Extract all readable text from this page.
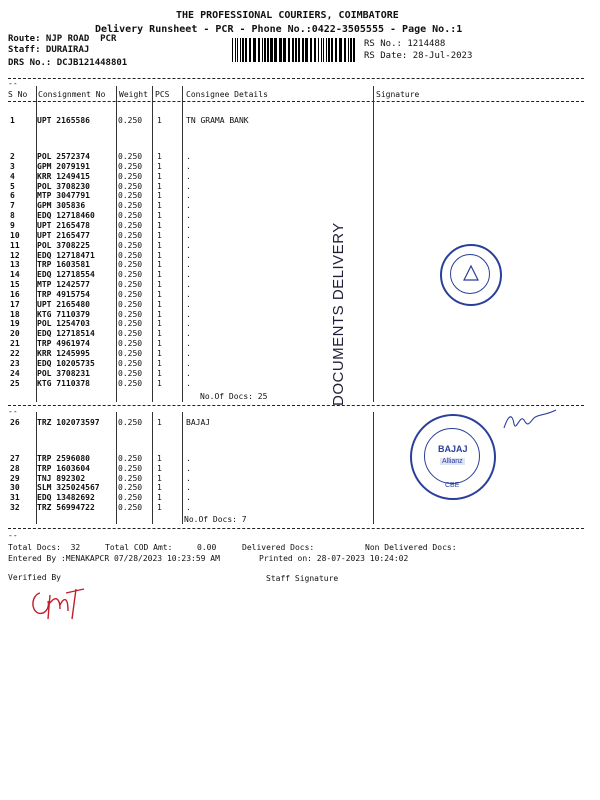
THE PROFESSIONAL COURIERS, COIMBATORE
Delivery Runsheet - PCR - Phone No.:0422-3505555 - Page No.:1
Route: NJP ROAD  PCR
Staff: DURAIRAJ
DRS No.: DCJB121448801
RS No.: 1214488
RS Date: 28-Jul-2023
--
S No Consignment No Weight PCS Consignee Details	Signature
1	UPT 2165586	0.250 1	TN GRAMA BANK
2	POL 2572374	0.250 1	.
3	GPM 2079191	0.250 1	.
4	KRR 1249415	0.250 1	.
5	POL 3708230	0.250 1	.
6	MTP 3047791	0.250 1	.
7	GPM 305836	0.250 1	.
8	EDQ 12718460	0.250 1	.
9	UPT 2165478	0.250 1	.
10 UPT 2165477	0.250 1	.
11 POL 3708225	0.250 1	.
12 EDQ 12718471	0.250 1	.
13 TRP 1603581	0.250 1	.
14 EDQ 12718554	0.250 1	.
15 MTP 1242577	0.250 1	.
16 TRP 4915754	0.250 1	.
17 UPT 2165480	0.250 1	.
18 KTG 7110379	0.250 1	.
19 POL 1254703	0.250 1	.
20 EDQ 12718514	0.250 1	.
21 TRP 4961974	0.250 1	.
22 KRR 1245995	0.250 1	.
23 EDQ 10205735	0.250 1	.
24 POL 3708231	0.250 1	.
25 KTG 7110378	0.250 1	.
No.Of Docs: 25
--
26 TRZ 102073597 0.250 1	BAJAJ
27 TRP 2596080	0.250 1	.
28 TRP 1603604	0.250 1	.
29 TNJ 892302	0.250 1	.
30 SLM 325024567 0.250 1	.
31 EDQ 13482692	0.250 1	.
32 TRZ 56994722	0.250 1	.
No.Of Docs: 7
--
Total Docs:  32	Total COD Amt:	0.00	Delivered Docs:	Non Delivered Docs:
Entered By :MENAKAPCR 07/28/2023 10:23:59 AM	Printed on: 28-07-2023 10:24:02
Verified By	Staff Signature
DOCUMENTS DELIVERY
BAJAJ
Allianz
CBE
